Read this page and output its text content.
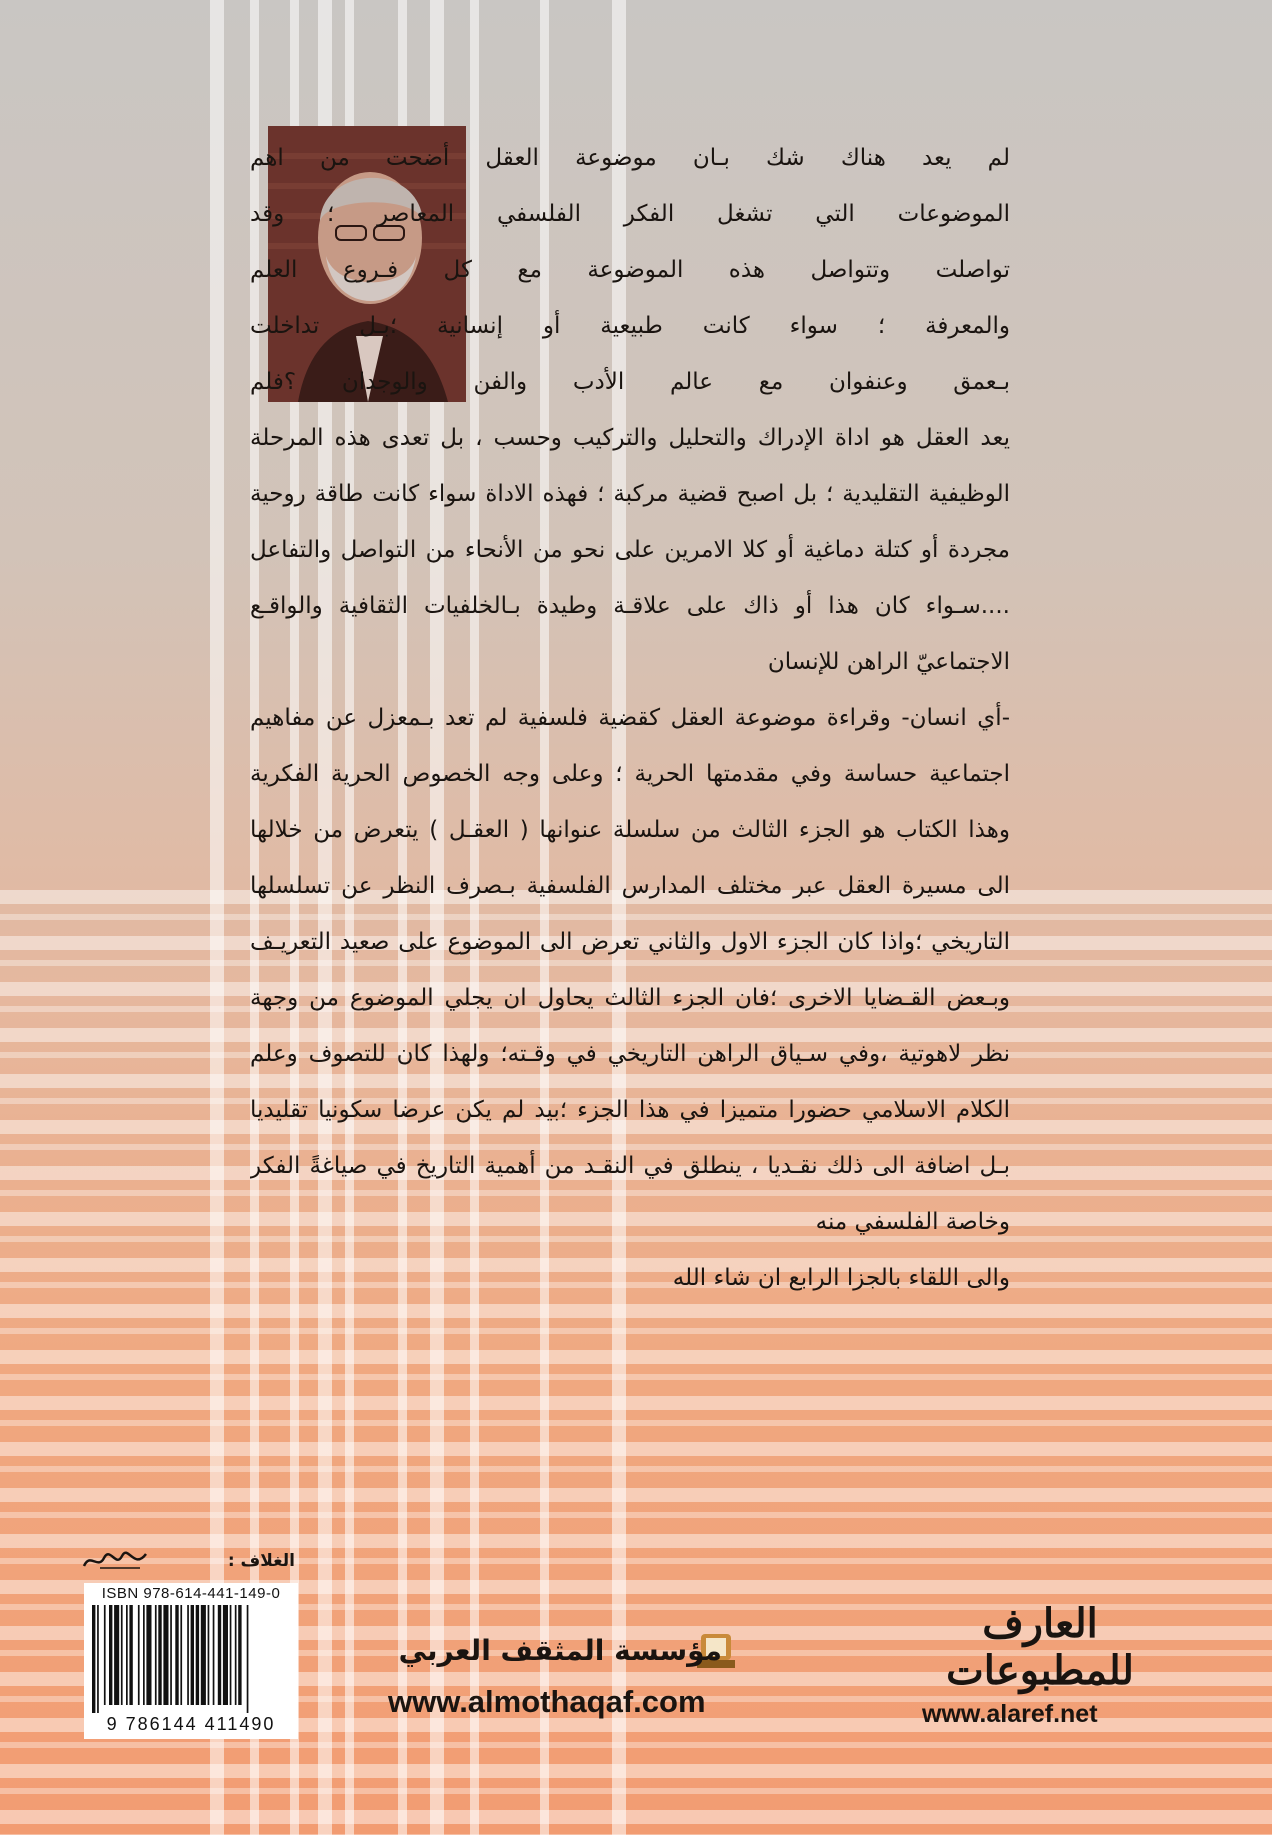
لم يعد هناك شك بـان موضوعة العقل أضحت من اهم
الموضوعات التي تشغل الفكر الفلسفي المعاصر ؛ وقد
تواصلت وتتواصل هذه الموضوعة مع كل فـروع العلم
والمعرفة ؛ سواء كانت طبيعية أو إنسانية ؛بـل تداخلت
بـعمق وعنفوان مع عالم الأدب والفن والوجدان ؟فلم
يعد العقل هو اداة الإدراك والتحليل والتركيب وحسب ، بل تعدى هذه المرحلة
الوظيفية التقليدية ؛ بل اصبح قضية مركبة ؛ فهذه الاداة سواء كانت طاقة روحية
مجردة أو كتلة دماغية أو كلا الامرين على نحو من الأنحاء من التواصل والتفاعل
....سـواء كان هذا أو ذاك على علاقـة وطيدة بـالخلفيات الثقافية والواقـع
الاجتماعيّ الراهن للإنسان
-أي انسان- وقراءة موضوعة العقل كقضية فلسفية لم تعد بـمعزل عن مفاهيم
اجتماعية حساسة وفي مقدمتها الحرية ؛ وعلى وجه الخصوص الحرية الفكرية
وهذا الكتاب هو الجزء الثالث من سلسلة عنوانها ( العقـل ) يتعرض من خلالها
الى مسيرة العقل عبر مختلف المدارس الفلسفية بـصرف النظر عن تسلسلها
التاريخي ؛واذا كان الجزء الاول والثاني تعرض الى الموضوع على صعيد التعريـف
وبـعض القـضايا الاخرى ؛فان الجزء الثالث يحاول ان يجلي الموضوع من وجهة
نظر لاهوتية ،وفي سـياق الراهن التاريخي في وقـته؛ ولهذا كان للتصوف وعلم
الكلام الاسلامي حضورا متميزا في هذا الجزء ؛بيد لم يكن عرضا سكونيا تقليديا
بـل اضافة الى ذلك نقـديا ، ينطلق في النقـد من أهمية التاريخ في صياغةً الفكر
وخاصة الفلسفي منه
والى اللقاء بالجزا الرابع ان شاء الله
الغلاف :
ISBN 978-614-441-149-0
9 786144 411490
مؤسسة المثقف العربي
www.almothaqaf.com
العارف للمطبوعات
www.alaref.net
